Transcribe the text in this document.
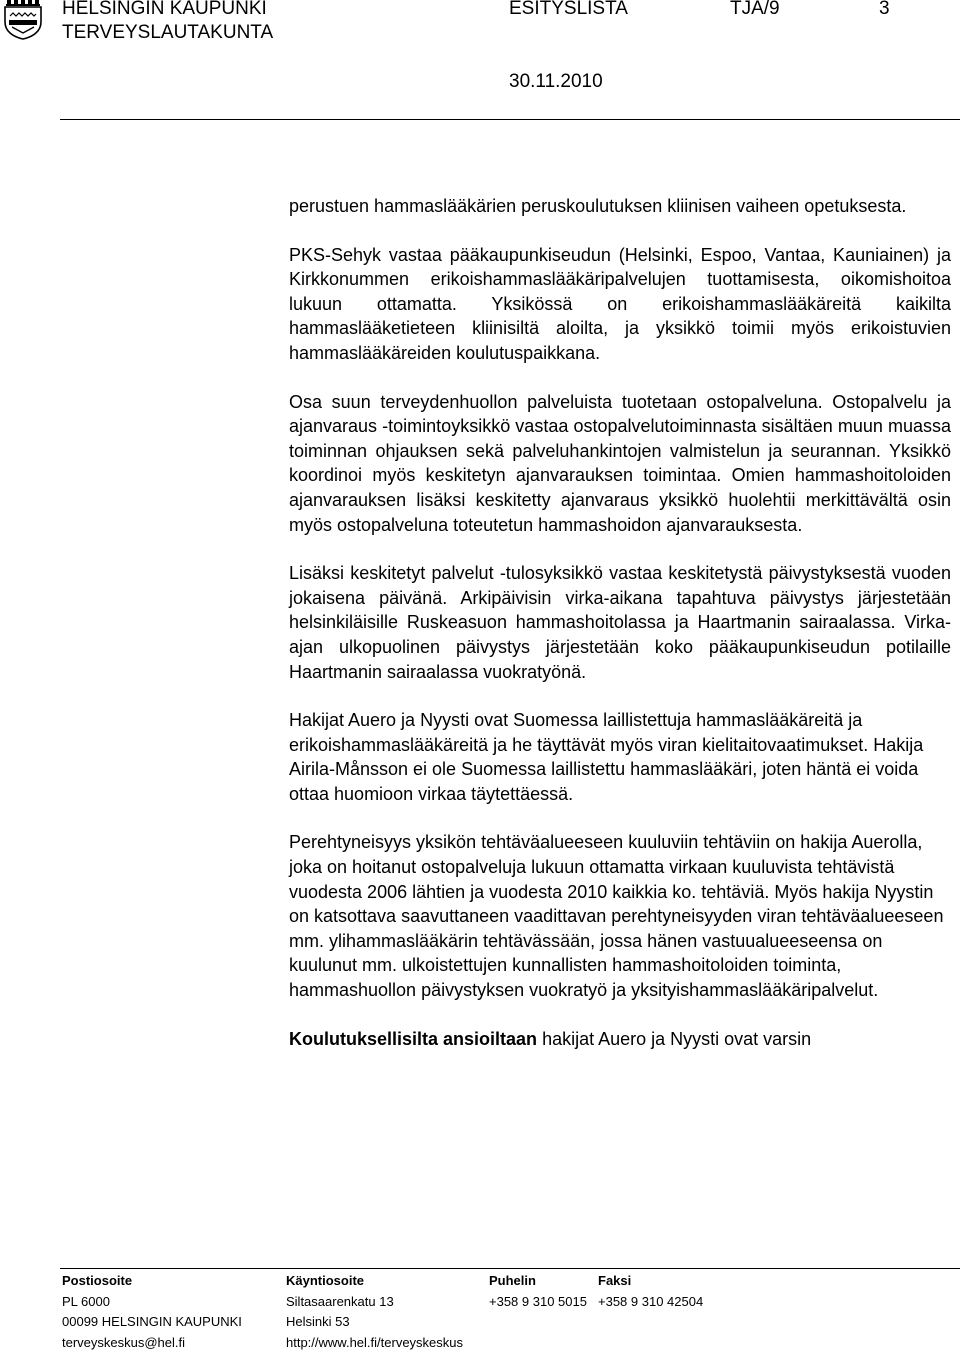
HELSINGIN KAUPUNKI
TERVEYSLAUTAKUNTA
ESITYSLISTA	TJA/9	3
30.11.2010

perustuen hammaslääkärien peruskoulutuksen kliinisen vaiheen opetuksesta.

PKS-Sehyk vastaa pääkaupunkiseudun (Helsinki, Espoo, Vantaa, Kauniainen) ja Kirkkonummen erikoishammaslääkäripalvelujen tuottamisesta, oikomishoitoa lukuun ottamatta. Yksikössä on erikoishammaslääkäreitä kaikilta hammaslääketieteen kliinisiltä aloilta, ja yksikkö toimii myös erikoistuvien hammaslääkäreiden koulutuspaikkana.

Osa suun terveydenhuollon palveluista tuotetaan ostopalveluna. Ostopalvelu ja ajanvaraus -toimintoyksikkö vastaa ostopalvelutoiminnasta sisältäen muun muassa toiminnan ohjauksen sekä palveluhankintojen valmistelun ja seurannan. Yksikkö koordinoi myös keskitetyn ajanvarauksen toimintaa. Omien hammashoitoloiden ajanvarauksen lisäksi keskitetty ajanvaraus yksikkö huolehtii merkittävältä osin myös ostopalveluna toteutetun hammashoidon ajanvarauksesta.

Lisäksi keskitetyt palvelut -tulosyksikkö vastaa keskitetystä päivystyksestä vuoden jokaisena päivänä. Arkipäivisin virka-aikana tapahtuva päivystys järjestetään helsinkiläisille Ruskeasuon hammashoitolassa ja Haartmanin sairaalassa. Virka-ajan ulkopuolinen päivystys järjestetään koko pääkaupunkiseudun potilaille Haartmanin sairaalassa vuokratyönä.

Hakijat Auero ja Nyysti ovat Suomessa laillistettuja hammaslääkäreitä ja erikoishammaslääkäreitä ja he täyttävät myös viran kielitaitovaatimukset. Hakija Airila-Månsson ei ole Suomessa laillistettu hammaslääkäri, joten häntä ei voida ottaa huomioon virkaa täytettäessä.

Perehtyneisyys yksikön tehtäväalueeseen kuuluviin tehtäviin on hakija Auerolla, joka on hoitanut ostopalveluja lukuun ottamatta virkaan kuuluvista tehtävistä vuodesta 2006 lähtien ja vuodesta 2010 kaikkia ko. tehtäviä. Myös hakija Nyystin on katsottava saavuttaneen vaadittavan perehtyneisyyden viran tehtäväalueeseen mm. ylihammaslääkärin tehtävässään, jossa hänen vastuualueeseensa on kuulunut mm. ulkoistettujen kunnallisten hammashoitoloiden toiminta, hammashuollon päivystyksen vuokratyö ja yksityishammaslääkäripalvelut.

Koulutuksellisilta ansioiltaan hakijat Auero ja Nyysti ovat varsin

Postiosoite
PL 6000
00099 HELSINGIN KAUPUNKI
terveyskeskus@hel.fi
Käyntiosoite
Siltasaarenkatu 13
Helsinki 53
http://www.hel.fi/terveyskeskus
Puhelin
+358 9 310 5015
Faksi
+358 9 310 42504
